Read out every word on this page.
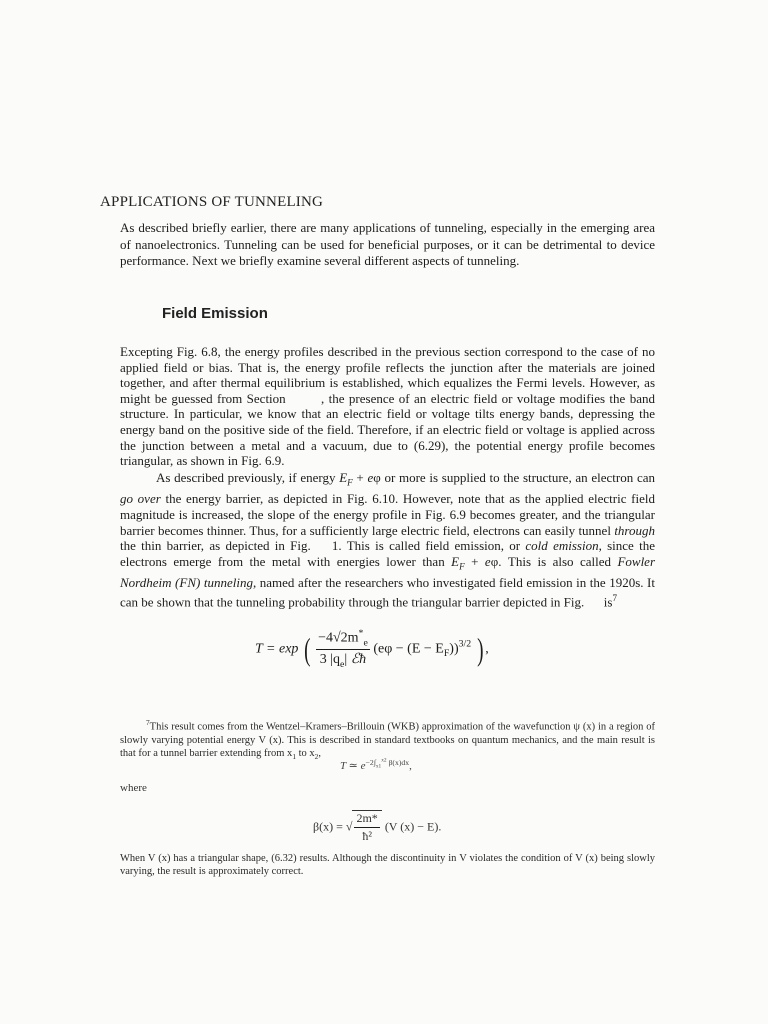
APPLICATIONS OF TUNNELING

As described briefly earlier, there are many applications of tunneling, especially in the emerging area of nanoelectronics. Tunneling can be used for beneficial purposes, or it can be detrimental to device performance. Next we briefly examine several different aspects of tunneling.

Field Emission

Excepting Fig. 6.8, the energy profiles described in the previous section correspond to the case of no applied field or bias. That is, the energy profile reflects the junction after the materials are joined together, and after thermal equilibrium is established, which equalizes the Fermi levels. However, as might be guessed from Section	, the presence of an electric field or voltage modifies the band structure. In particular, we know that an electric field or voltage tilts energy bands, depressing the energy band on the positive side of the field. Therefore, if an electric field or voltage is applied across the junction between a metal and a vacuum, due to (6.29), the potential energy profile becomes triangular, as shown in Fig. 6.9.

As described previously, if energy $E_F + e\varphi$ or more is supplied to the structure, an electron can go over the energy barrier, as depicted in Fig. 6.10. However, note that as the applied electric field magnitude is increased, the slope of the energy profile in Fig. 6.9 becomes greater, and the triangular barrier becomes thinner. Thus, for a sufficiently large electric field, electrons can easily tunnel through the thin barrier, as depicted in Fig. 1. This is called field emission, or cold emission, since the electrons emerge from the metal with energies lower than $E_F + e\varphi$. This is also called Fowler Nordheim (FN) tunneling, named after the researchers who investigated field emission in the 1920s. It can be shown that the tunneling probability through the triangular barrier depicted in Fig. $is^7$

T = exp ( $\frac{-4√2m^*_e}{3 |q_e| ℰħ} (e\varphi - (E - E_F))^{3/2}$ ) ,

$^7$This result comes from the Wentzel–Kramers–Brillouin (WKB) approximation of the wavefunction ψ (x) in a region of slowly varying potential energy V (x). This is described in standard textbooks on quantum mechanics, and the main result is that for a tunnel barrier extending from $x_1$ to $x_2$,

T ≃ $e^{-2\int_{x1}^{x2} \beta(x)dx}$,
where
β(x) = √ $\frac{2m*}{\text{ħ²}} (V$ (x) − E).

When V (x) has a triangular shape, (6.32) results. Although the discontinuity in V violates the condition of V (x) being slowly varying, the result is approximately correct.
